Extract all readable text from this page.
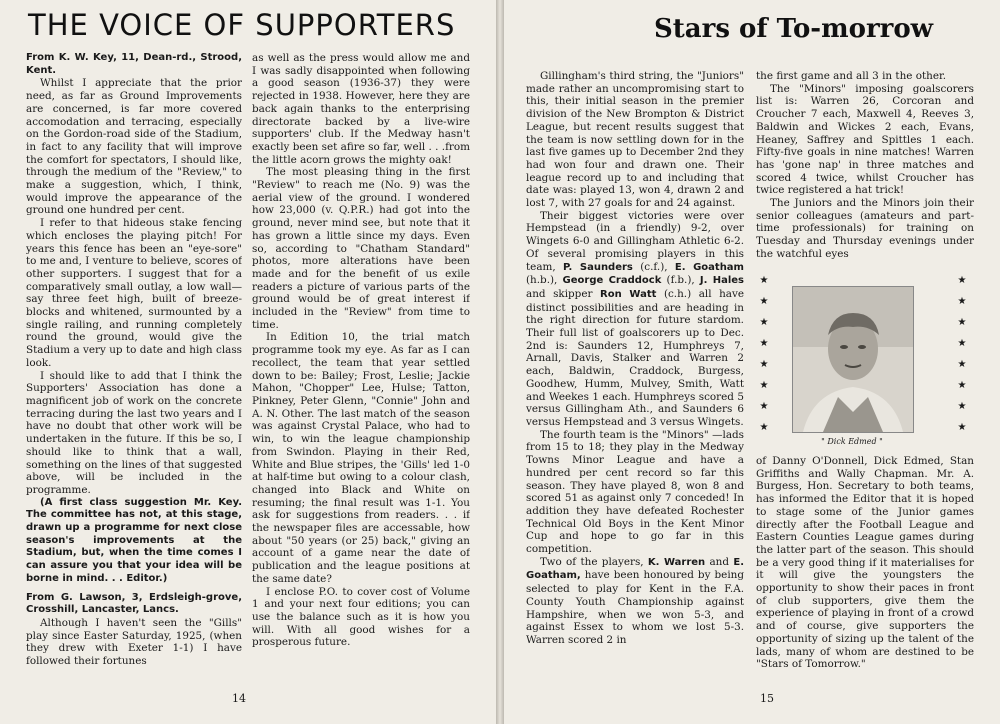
THE VOICE OF SUPPORTERS

From K. W. Key, 11, Dean-rd., Strood, Kent.

Whilst I appreciate that the prior need, as far as Ground Improvements are concerned, is far more covered accomodation and terracing, especially on the Gordon-road side of the Stadium, in fact to any facility that will improve the comfort for spectators, I should like, through the medium of the "Review," to make a suggestion, which, I think, would improve the appearance of the ground one hundred per cent.

I refer to that hideous stake fencing which encloses the playing pitch! For years this fence has been an "eye-sore" to me and, I venture to believe, scores of other supporters. I suggest that for a comparatively small outlay, a low wall—say three feet high, built of breeze-blocks and whitened, surmounted by a single railing, and running completely round the ground, would give the Stadium a very up to date and high class look.

I should like to add that I think the Supporters' Association has done a magnificent job of work on the concrete terracing during the last two years and I have no doubt that other work will be undertaken in the future. If this be so, I should like to think that a wall, something on the lines of that suggested above, will be included in the programme.

(A first class suggestion Mr. Key. The committee has not, at this stage, drawn up a programme for next close season's improvements at the Stadium, but, when the time comes I can assure you that your idea will be borne in mind. . . Editor.)

From G. Lawson, 3, Erdsleigh-grove, Crosshill, Lancaster, Lancs.

Although I haven't seen the "Gills" play since Easter Saturday, 1925, (when they drew with Exeter 1-1) I have followed their fortunes

as well as the press would allow me and I was sadly disappointed when following a good season (1936-37) they were rejected in 1938. However, here they are back again thanks to the enterprising directorate backed by a live-wire supporters' club. If the Medway hasn't exactly been set afire so far, well . . .from the little acorn grows the mighty oak!

The most pleasing thing in the first "Review" to reach me (No. 9) was the aerial view of the ground. I wondered how 23,000 (v. Q.P.R.) had got into the ground, never mind see, but note that it has grown a little since my days. Even so, according to "Chatham Standard" photos, more alterations have been made and for the benefit of us exile readers a picture of various parts of the ground would be of great interest if included in the "Review" from time to time.

In Edition 10, the trial match programme took my eye. As far as I can recollect, the team that year settled down to be: Bailey; Frost, Leslie; Jackie Mahon, "Chopper" Lee, Hulse; Tatton, Pinkney, Peter Glenn, "Connie" John and A. N. Other. The last match of the season was against Crystal Palace, who had to win, to win the league championship from Swindon. Playing in their Red, White and Blue stripes, the 'Gills' led 1-0 at half-time but owing to a colour clash, changed into Black and White on resuming; the final result was 1-1. You ask for suggestions from readers. . . if the newspaper files are accessable, how about "50 years (or 25) back," giving an account of a game near the date of publication and the league positions at the same date?

I enclose P.O. to cover cost of Volume 1 and your next four editions; you can use the balance such as it is how you will. With all good wishes for a prosperous future.

14
Stars of To-morrow

Gillingham's third string, the "Juniors" made rather an uncompromising start to this, their initial season in the premier division of the New Brompton & District League, but recent results suggest that the team is now settling down for in the last five games up to December 2nd they had won four and drawn one. Their league record up to and including that date was: played 13, won 4, drawn 2 and lost 7, with 27 goals for and 24 against.

Their biggest victories were over Hempstead (in a friendly) 9-2, over Wingets 6-0 and Gillingham Athletic 6-2. Of several promising players in this team, P. Saunders (c.f.), E. Goatham (h.b.), George Craddock (f.b.), J. Hales and skipper Ron Watt (c.h.) all have distinct possibilities and are heading in the right direction for future stardom. Their full list of goalscorers up to Dec. 2nd is: Saunders 12, Humphreys 7, Arnall, Davis, Stalker and Warren 2 each, Baldwin, Craddock, Burgess, Goodhew, Humm, Mulvey, Smith, Watt and Weekes 1 each. Humphreys scored 5 versus Gillingham Ath., and Saunders 6 versus Hempstead and 3 versus Wingets.

The fourth team is the "Minors" —lads from 15 to 18; they play in the Medway Towns Minor League and have a hundred per cent record so far this season. They have played 8, won 8 and scored 51 as against only 7 conceded! In addition they have defeated Rochester Technical Old Boys in the Kent Minor Cup and hope to go far in this competition.

Two of the players, K. Warren and E. Goatham, have been honoured by being selected to play for Kent in the F.A. County Youth Championship against Hampshire, when we won 5-3, and against Essex to whom we lost 5-3. Warren scored 2 in

the first game and all 3 in the other.

The "Minors" imposing goalscorers list is: Warren 26, Corcoran and Croucher 7 each, Maxwell 4, Reeves 3, Baldwin and Wickes 2 each, Evans, Heaney, Saffrey and Spittles 1 each. Fifty-five goals in nine matches! Warren has 'gone nap' in three matches and scored 4 twice, whilst Croucher has twice registered a hat trick!

The Juniors and the Minors join their senior colleagues (amateurs and part-time professionals) for training on Tuesday and Thursday evenings under the watchful eyes

★
★
★
★
★
★
★
★
★
★
★
★
★
★
★
★
" Dick Edmed "

of Danny O'Donnell, Dick Edmed, Stan Griffiths and Wally Chapman. Mr. A. Burgess, Hon. Secretary to both teams, has informed the Editor that it is hoped to stage some of the Junior games directly after the Football League and Eastern Counties League games during the latter part of the season. This should be a very good thing if it materialises for it will give the youngsters the opportunity to show their paces in front of club supporters, give them the experience of playing in front of a crowd and of course, give supporters the opportunity of sizing up the talent of the lads, many of whom are destined to be "Stars of Tomorrow."

15
